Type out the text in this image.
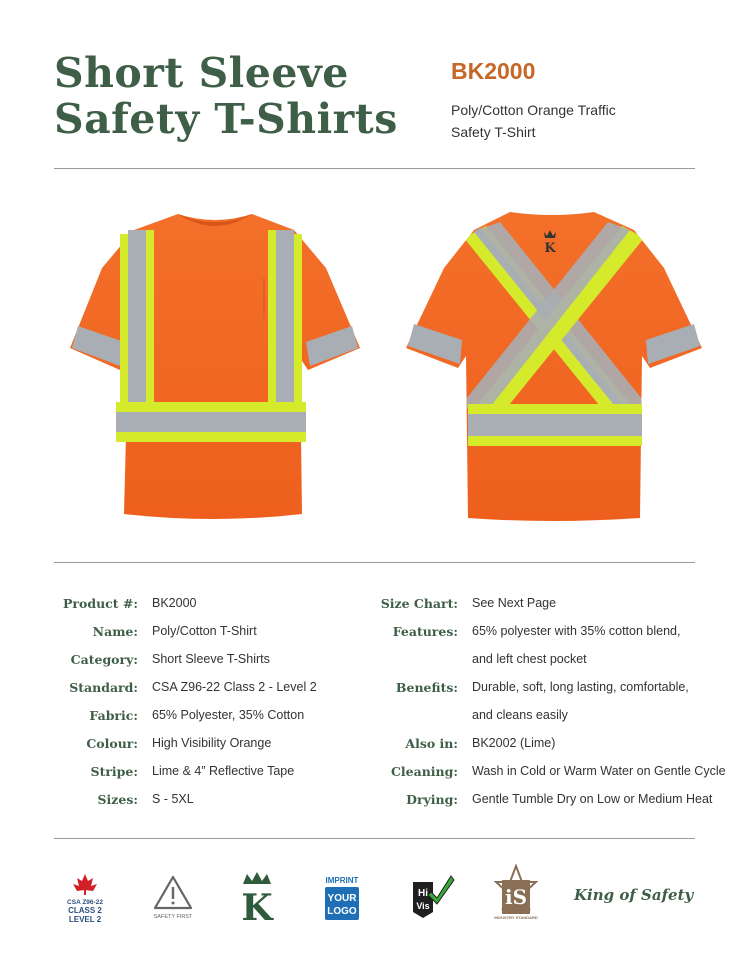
Short Sleeve
Safety T-Shirts
BK2000
Poly/Cotton Orange Traffic
Safety T-Shirt
K
Product #: BK2000
Name: Poly/Cotton T-Shirt
Category: Short Sleeve T-Shirts
Standard: CSA Z96-22 Class 2 - Level 2
Fabric: 65% Polyester, 35% Cotton
Colour: High Visibility Orange
Stripe: Lime & 4” Reflective Tape
Sizes: S - 5XL
Size Chart: See Next Page
Features: 65% polyester with 35% cotton blend,
and left chest pocket
Benefits: Durable, soft, long lasting, comfortable,
and cleans easily
Also in: BK2002 (Lime)
Cleaning: Wash in Cold or Warm Water on Gentle Cycle
Drying: Gentle Tumble Dry on Low or Medium Heat
CSA Z96-22
CLASS 2
LEVEL 2	SAFETY FIRST K
IMPRINT
YOUR
LOGO
Hi
Vis	iS
INDUSTRY STANDARD
King of Safety
